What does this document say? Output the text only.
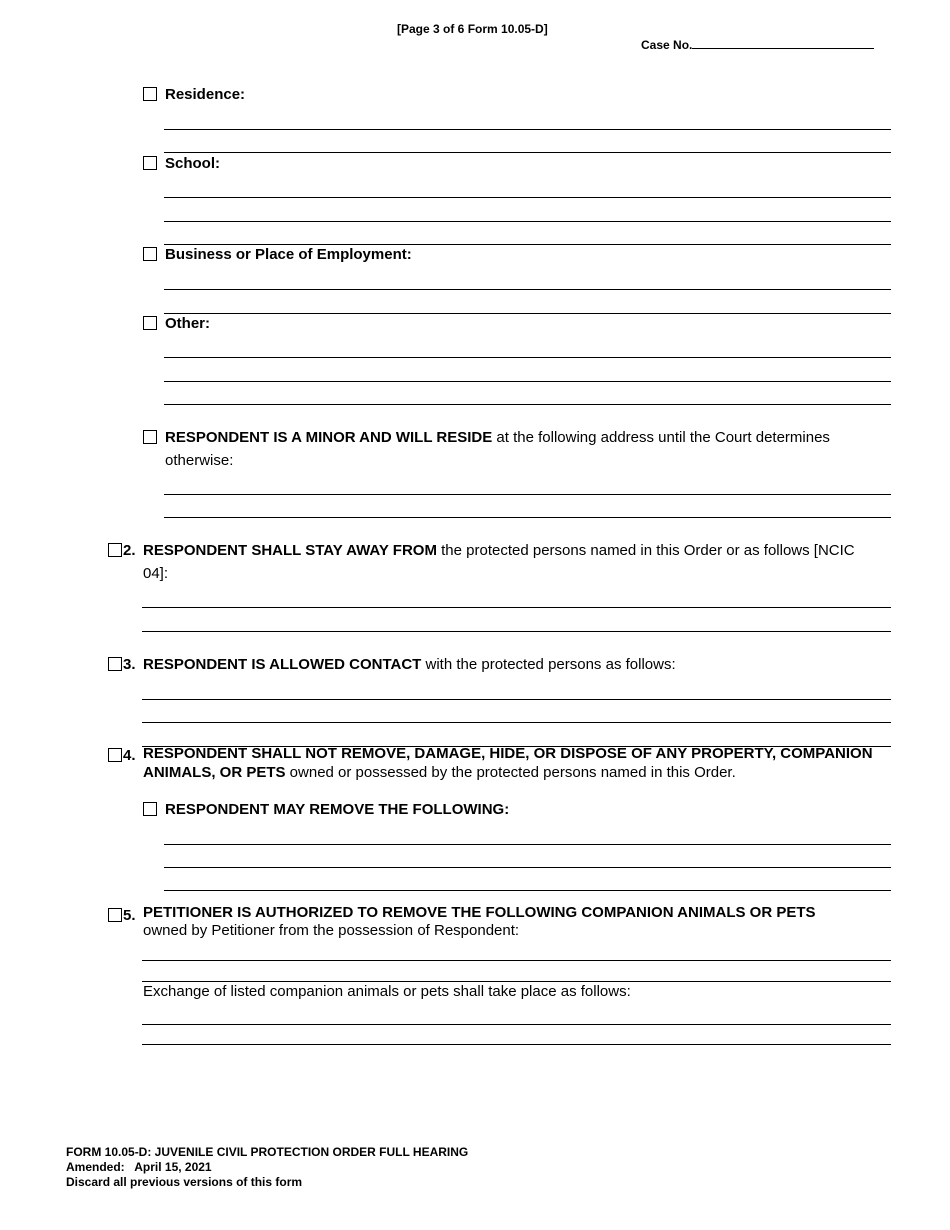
[Page 3 of 6 Form 10.05-D]
Case No.
Residence:
School:
Business or Place of Employment:
Other:
RESPONDENT IS A MINOR AND WILL RESIDE at the following address until the Court determines otherwise:
2. RESPONDENT SHALL STAY AWAY FROM the protected persons named in this Order or as follows [NCIC 04]:
3. RESPONDENT IS ALLOWED CONTACT with the protected persons as follows:
4. RESPONDENT SHALL NOT REMOVE, DAMAGE, HIDE, OR DISPOSE OF ANY PROPERTY, COMPANION ANIMALS, OR PETS owned or possessed by the protected persons named in this Order.
RESPONDENT MAY REMOVE THE FOLLOWING:
5. PETITIONER IS AUTHORIZED TO REMOVE THE FOLLOWING COMPANION ANIMALS OR PETS
owned by Petitioner from the possession of Respondent:
Exchange of listed companion animals or pets shall take place as follows:
FORM 10.05-D: JUVENILE CIVIL PROTECTION ORDER FULL HEARING
Amended:   April 15, 2021
Discard all previous versions of this form
